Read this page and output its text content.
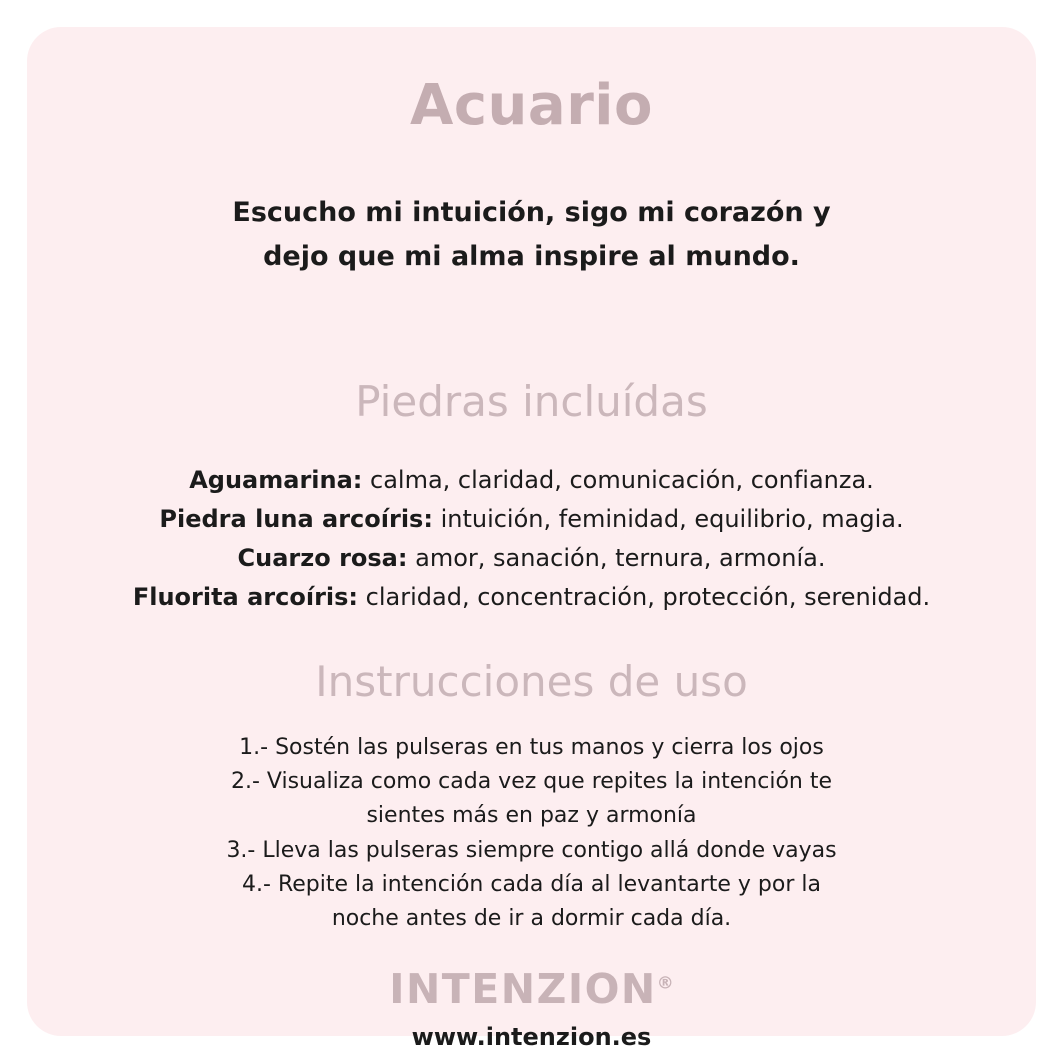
Acuario

Escucho mi intuición, sigo mi corazón y
dejo que mi alma inspire al mundo.

Piedras incluídas
Aguamarina: calma, claridad, comunicación, confianza.
Piedra luna arcoíris: intuición, feminidad, equilibrio, magia.
Cuarzo rosa: amor, sanación, ternura, armonía.
Fluorita arcoíris: claridad, concentración, protección, serenidad.
Instrucciones de uso
1.- Sostén las pulseras en tus manos y cierra los ojos
2.- Visualiza como cada vez que repites la intención te
sientes más en paz y armonía
3.- Lleva las pulseras siempre contigo allá donde vayas
4.- Repite la intención cada día al levantarte y por la
noche antes de ir a dormir cada día.
INTENZION®
www.intenzion.es
